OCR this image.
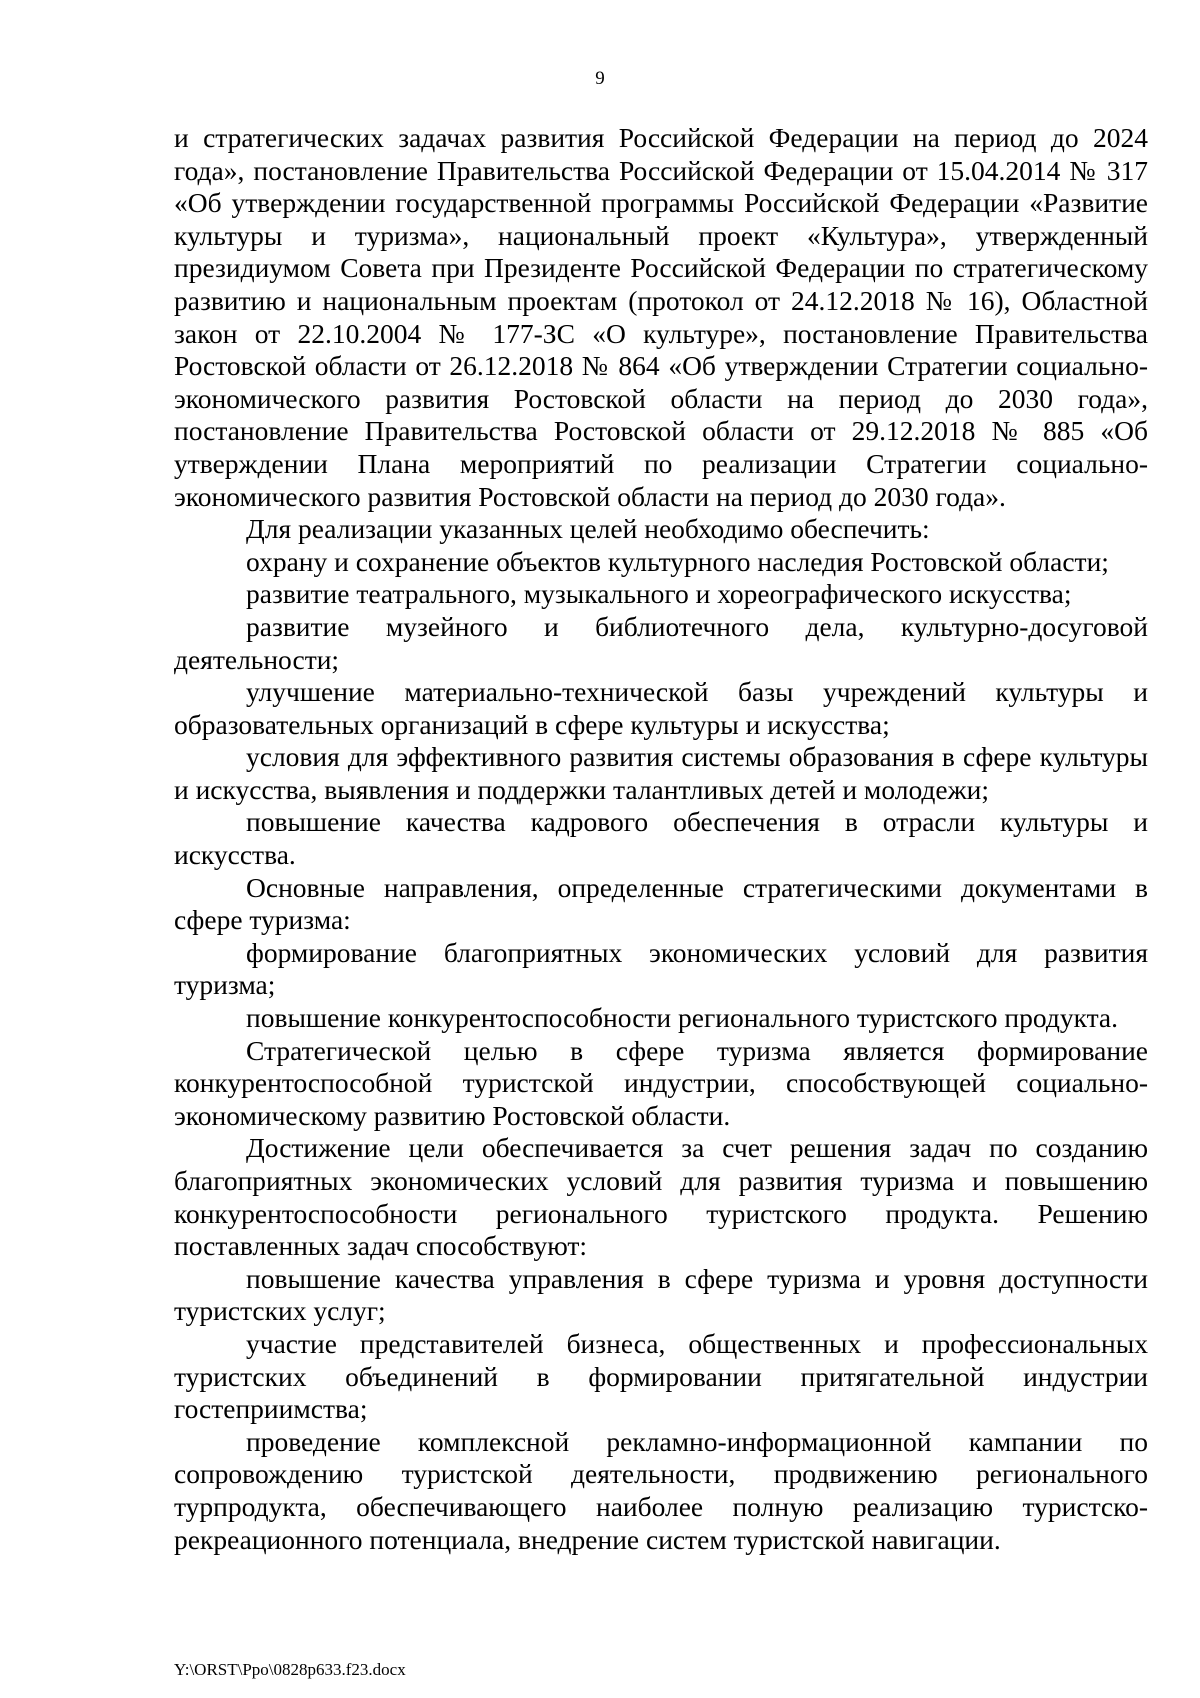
9

и стратегических задачах развития Российской Федерации на период до 2024 года», постановление Правительства Российской Федерации от 15.04.2014 № 317 «Об утверждении государственной программы Российской Федерации «Развитие культуры и туризма», национальный проект «Культура», утвержденный президиумом Совета при Президенте Российской Федерации по стратегическому развитию и национальным проектам (протокол от 24.12.2018 № 16), Областной закон от 22.10.2004 № 177-ЗС «О культуре», постановление Правительства Ростовской области от 26.12.2018 № 864 «Об утверждении Стратегии социально-экономического развития Ростовской области на период до 2030 года», постановление Правительства Ростовской области от 29.12.2018 № 885 «Об утверждении Плана мероприятий по реализации Стратегии социально-экономического развития Ростовской области на период до 2030 года».

Для реализации указанных целей необходимо обеспечить:

охрану и сохранение объектов культурного наследия Ростовской области;

развитие театрального, музыкального и хореографического искусства;

развитие музейного и библиотечного дела, культурно-досуговой деятельности;

улучшение материально-технической базы учреждений культуры и образовательных организаций в сфере культуры и искусства;

условия для эффективного развития системы образования в сфере культуры и искусства, выявления и поддержки талантливых детей и молодежи;

повышение качества кадрового обеспечения в отрасли культуры и искусства.

Основные направления, определенные стратегическими документами в сфере туризма:

формирование благоприятных экономических условий для развития туризма;

повышение конкурентоспособности регионального туристского продукта.

Стратегической целью в сфере туризма является формирование конкурентоспособной туристской индустрии, способствующей социально-экономическому развитию Ростовской области.

Достижение цели обеспечивается за счет решения задач по созданию благоприятных экономических условий для развития туризма и повышению конкурентоспособности регионального туристского продукта. Решению поставленных задач способствуют:

повышение качества управления в сфере туризма и уровня доступности туристских услуг;

участие представителей бизнеса, общественных и профессиональных туристских объединений в формировании притягательной индустрии гостеприимства;

проведение комплексной рекламно-информационной кампании по сопровождению туристской деятельности, продвижению регионального турпродукта, обеспечивающего наиболее полную реализацию туристско-рекреационного потенциала, внедрение систем туристской навигации.

Y:\ORST\Ppo\0828p633.f23.docx
